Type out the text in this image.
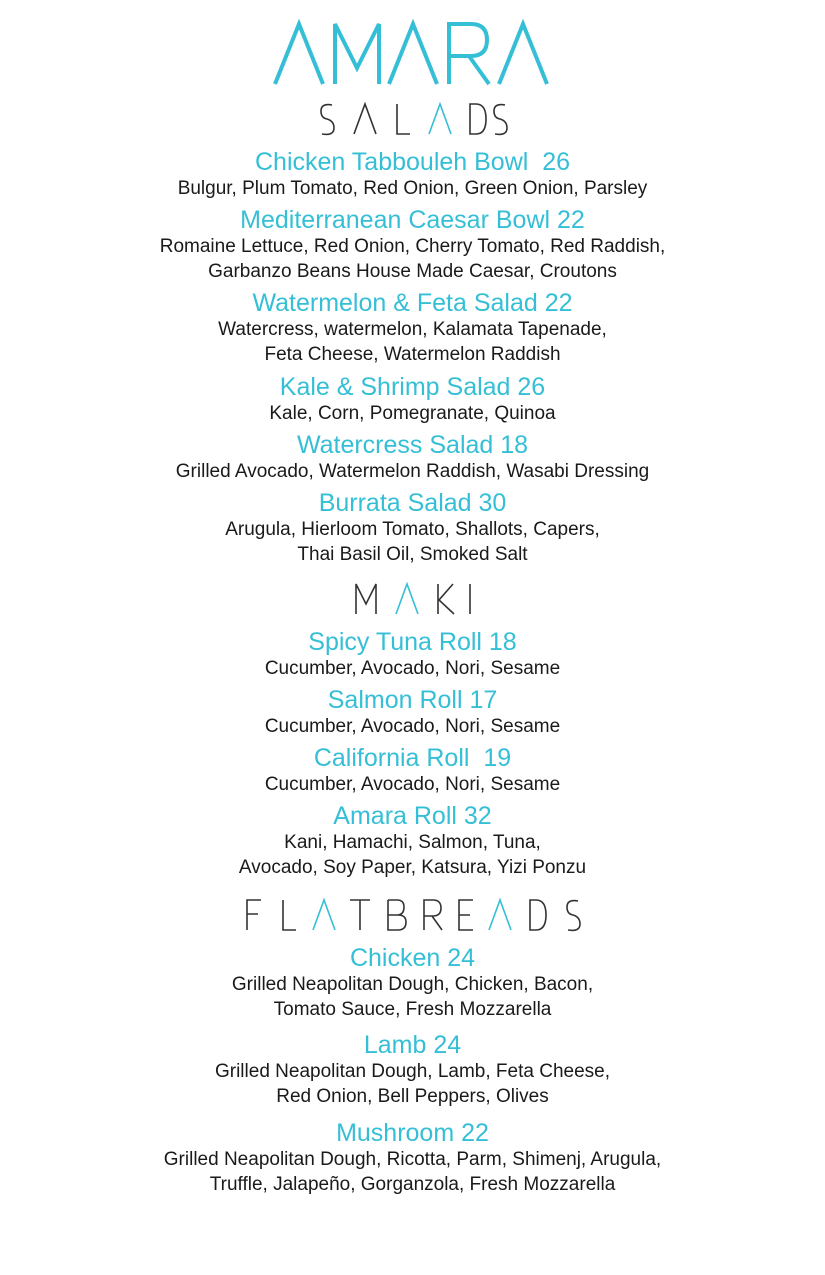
Chicken Tabbouleh Bowl  26
Bulgur, Plum Tomato, Red Onion, Green Onion, Parsley
Mediterranean Caesar Bowl 22
Romaine Lettuce, Red Onion, Cherry Tomato, Red Raddish,
Garbanzo Beans House Made Caesar, Croutons
Watermelon & Feta Salad 22
Watercress, watermelon, Kalamata Tapenade,
Feta Cheese, Watermelon Raddish
Kale & Shrimp Salad 26
Kale, Corn, Pomegranate, Quinoa
Watercress Salad 18
Grilled Avocado, Watermelon Raddish, Wasabi Dressing
Burrata Salad 30
Arugula, Hierloom Tomato, Shallots, Capers,
Thai Basil Oil, Smoked Salt
Spicy Tuna Roll 18
Cucumber, Avocado, Nori, Sesame
Salmon Roll 17
Cucumber, Avocado, Nori, Sesame
California Roll  19
Cucumber, Avocado, Nori, Sesame
Amara Roll 32
Kani, Hamachi, Salmon, Tuna,
Avocado, Soy Paper, Katsura, Yizi Ponzu
Chicken 24
Grilled Neapolitan Dough, Chicken, Bacon,
Tomato Sauce, Fresh Mozzarella
Lamb 24
Grilled Neapolitan Dough, Lamb, Feta Cheese,
Red Onion, Bell Peppers, Olives
Mushroom 22
Grilled Neapolitan Dough, Ricotta, Parm, Shimenj, Arugula,
Truffle, Jalapeño, Gorganzola, Fresh Mozzarella
